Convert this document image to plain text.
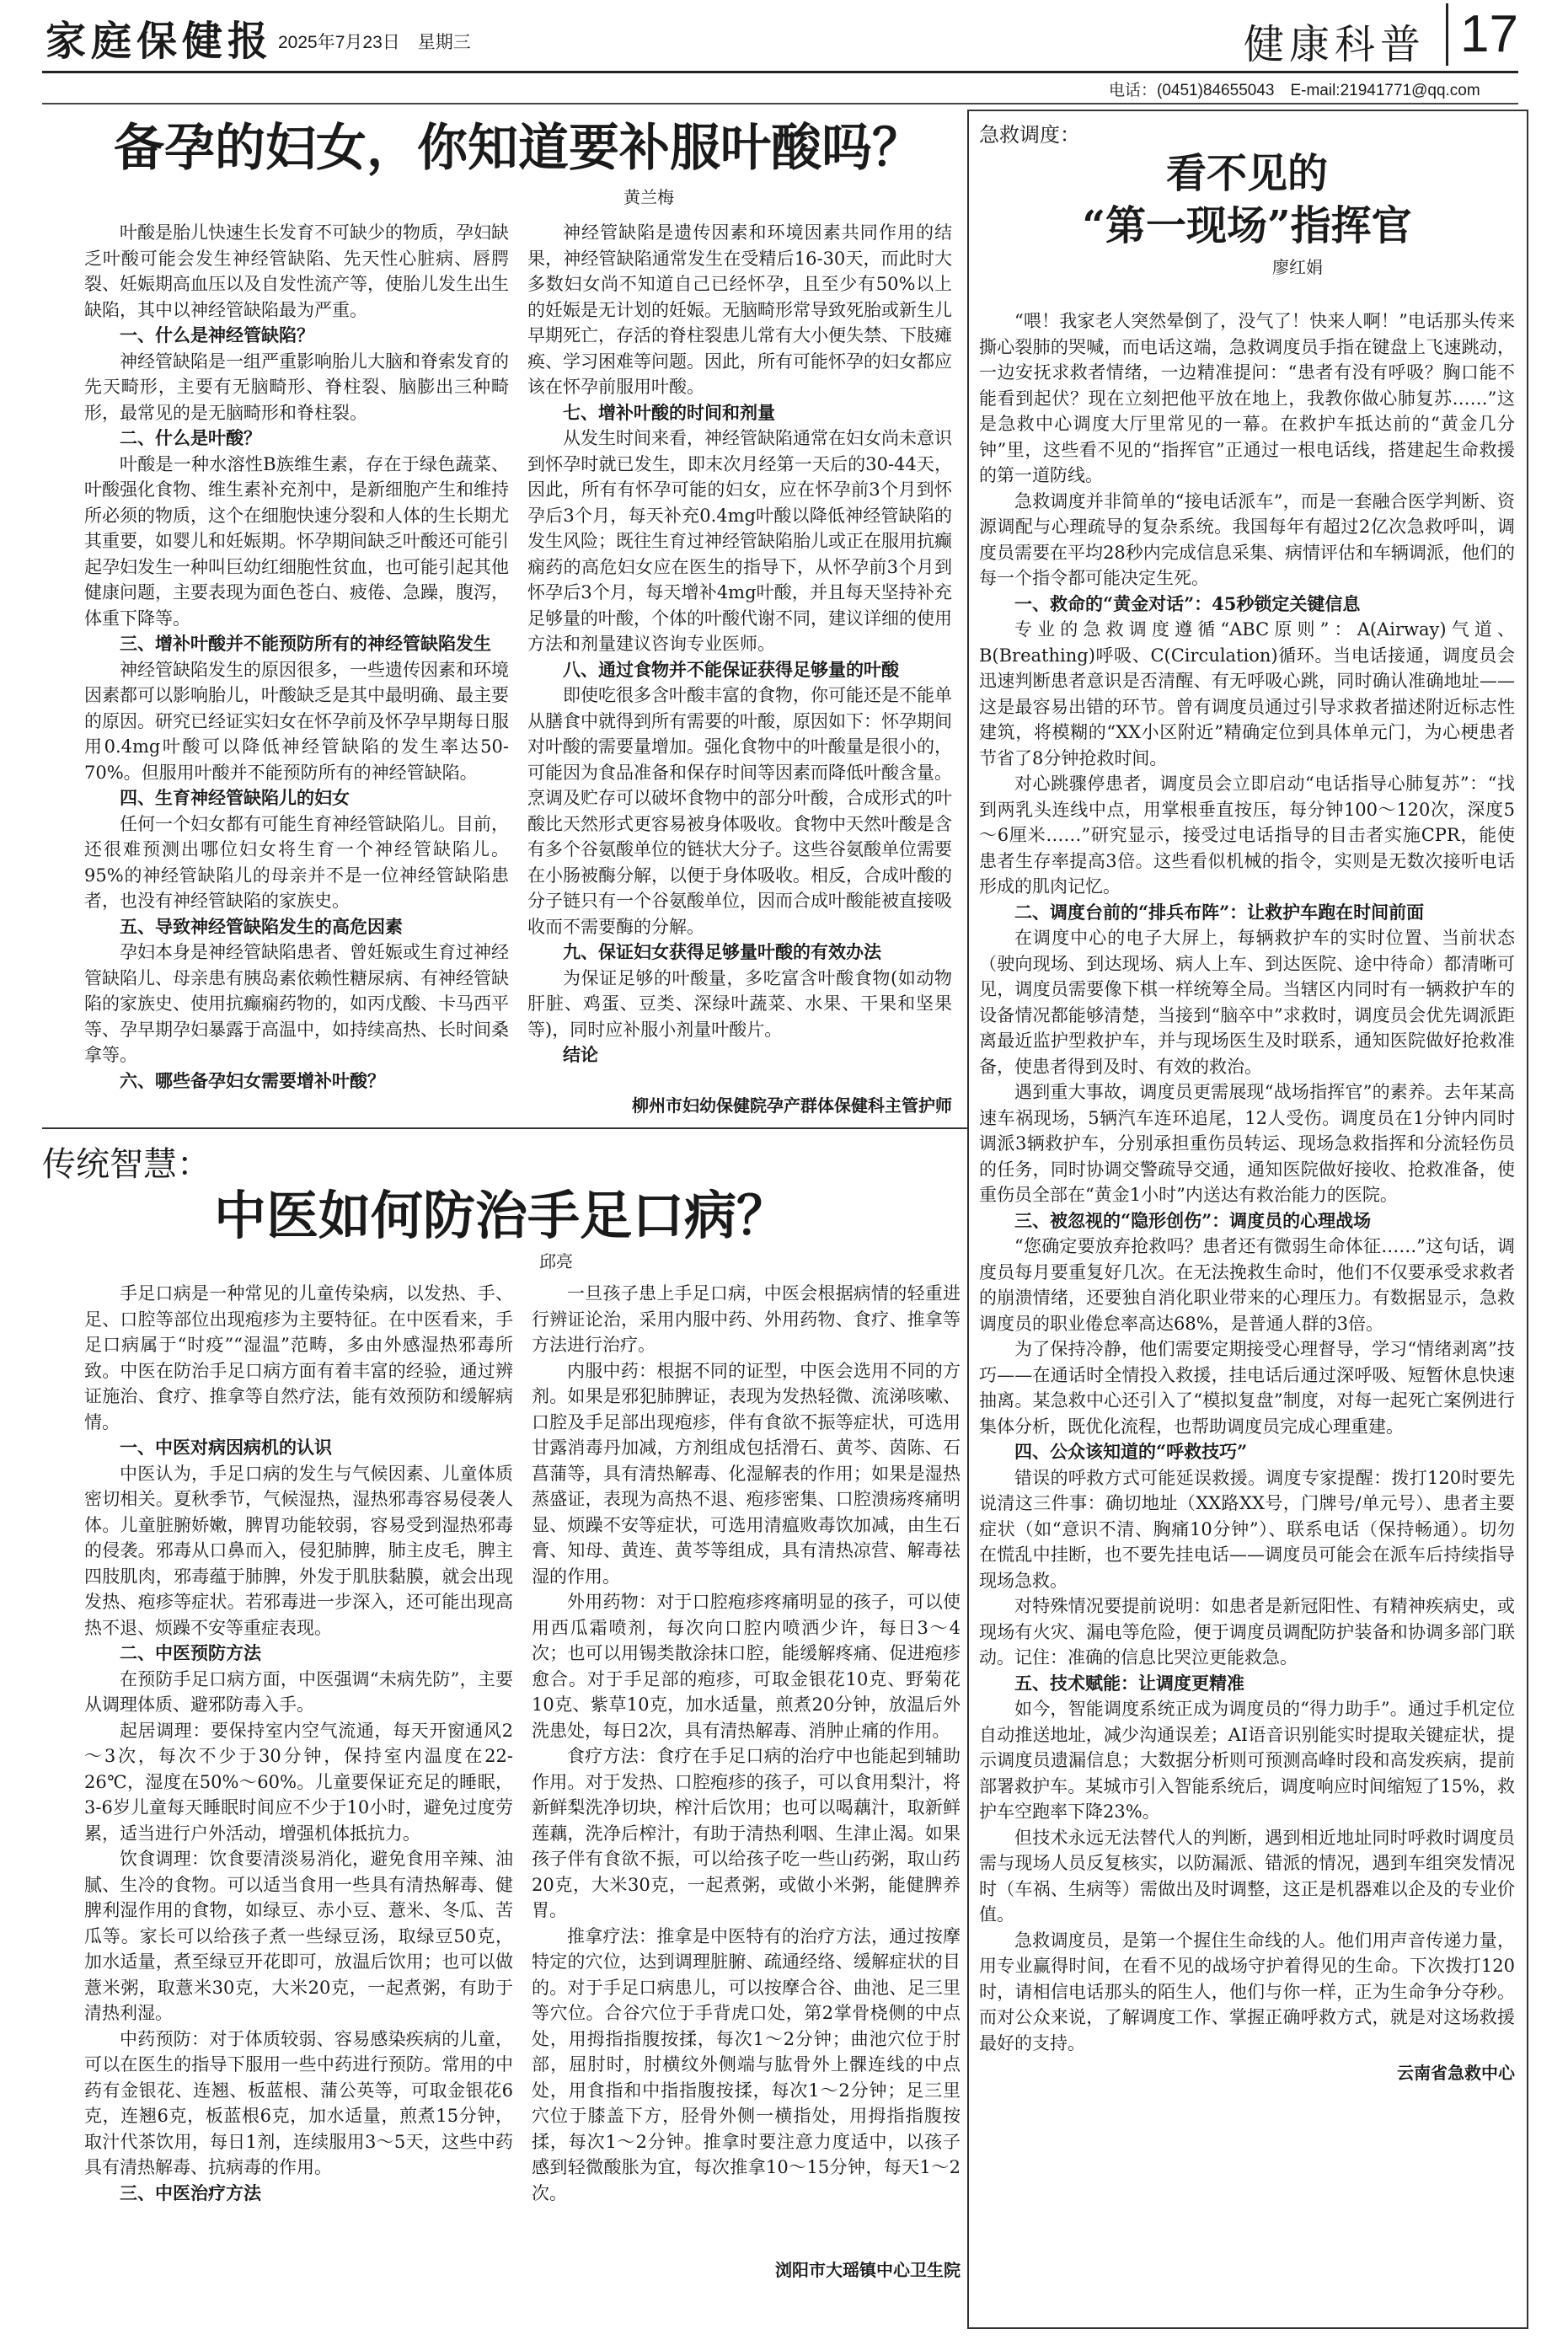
家庭保健报 2025年7月23日　星期三	健康科普 17
电话：(0451)84655043　E-mail:21941771@qq.com
备孕的妇女，你知道要补服叶酸吗？
黄兰梅

叶酸是胎儿快速生长发育不可缺少的物质，孕妇缺乏叶酸可能会发生神经管缺陷、先天性心脏病、唇腭裂、妊娠期高血压以及自发性流产等，使胎儿发生出生缺陷，其中以神经管缺陷最为严重。

一、什么是神经管缺陷？

神经管缺陷是一组严重影响胎儿大脑和脊索发育的先天畸形，主要有无脑畸形、脊柱裂、脑膨出三种畸形，最常见的是无脑畸形和脊柱裂。

二、什么是叶酸？

叶酸是一种水溶性B族维生素，存在于绿色蔬菜、叶酸强化食物、维生素补充剂中，是新细胞产生和维持所必须的物质，这个在细胞快速分裂和人体的生长期尤其重要，如婴儿和妊娠期。怀孕期间缺乏叶酸还可能引起孕妇发生一种叫巨幼红细胞性贫血，也可能引起其他健康问题，主要表现为面色苍白、疲倦、急躁，腹泻，体重下降等。

三、增补叶酸并不能预防所有的神经管缺陷发生

神经管缺陷发生的原因很多，一些遗传因素和环境因素都可以影响胎儿，叶酸缺乏是其中最明确、最主要的原因。研究已经证实妇女在怀孕前及怀孕早期每日服用0.4mg叶酸可以降低神经管缺陷的发生率达50-70%。但服用叶酸并不能预防所有的神经管缺陷。

四、生育神经管缺陷儿的妇女

任何一个妇女都有可能生育神经管缺陷儿。目前，还很难预测出哪位妇女将生育一个神经管缺陷儿。95%的神经管缺陷儿的母亲并不是一位神经管缺陷患者，也没有神经管缺陷的家族史。

五、导致神经管缺陷发生的高危因素

孕妇本身是神经管缺陷患者、曾妊娠或生育过神经管缺陷儿、母亲患有胰岛素依赖性糖尿病、有神经管缺陷的家族史、使用抗癫痫药物的，如丙戊酸、卡马西平等、孕早期孕妇暴露于高温中，如持续高热、长时间桑拿等。

六、哪些备孕妇女需要增补叶酸？

神经管缺陷是遗传因素和环境因素共同作用的结果，神经管缺陷通常发生在受精后16-30天，而此时大多数妇女尚不知道自己已经怀孕，且至少有50%以上的妊娠是无计划的妊娠。无脑畸形常导致死胎或新生儿早期死亡，存活的脊柱裂患儿常有大小便失禁、下肢瘫痪、学习困难等问题。因此，所有可能怀孕的妇女都应该在怀孕前服用叶酸。

七、增补叶酸的时间和剂量

从发生时间来看，神经管缺陷通常在妇女尚未意识到怀孕时就已发生，即末次月经第一天后的30-44天，因此，所有有怀孕可能的妇女，应在怀孕前3个月到怀孕后3个月，每天补充0.4mg叶酸以降低神经管缺陷的发生风险；既往生育过神经管缺陷胎儿或正在服用抗癫痫药的高危妇女应在医生的指导下，从怀孕前3个月到怀孕后3个月，每天增补4mg叶酸，并且每天坚持补充足够量的叶酸，个体的叶酸代谢不同，建议详细的使用方法和剂量建议咨询专业医师。

八、通过食物并不能保证获得足够量的叶酸

即使吃很多含叶酸丰富的食物，你可能还是不能单从膳食中就得到所有需要的叶酸，原因如下：怀孕期间对叶酸的需要量增加。强化食物中的叶酸量是很小的，可能因为食品准备和保存时间等因素而降低叶酸含量。烹调及贮存可以破坏食物中的部分叶酸，合成形式的叶酸比天然形式更容易被身体吸收。食物中天然叶酸是含有多个谷氨酸单位的链状大分子。这些谷氨酸单位需要在小肠被酶分解，以便于身体吸收。相反，合成叶酸的分子链只有一个谷氨酸单位，因而合成叶酸能被直接吸收而不需要酶的分解。

九、保证妇女获得足够量叶酸的有效办法

为保证足够的叶酸量，多吃富含叶酸食物(如动物肝脏、鸡蛋、豆类、深绿叶蔬菜、水果、干果和坚果等)，同时应补服小剂量叶酸片。

结论

柳州市妇幼保健院孕产群体保健科主管护师
传统智慧：
中医如何防治手足口病？
邱亮

手足口病是一种常见的儿童传染病，以发热、手、足、口腔等部位出现疱疹为主要特征。在中医看来，手足口病属于“时疫”“湿温”范畴，多由外感湿热邪毒所致。中医在防治手足口病方面有着丰富的经验，通过辨证施治、食疗、推拿等自然疗法，能有效预防和缓解病情。

一、中医对病因病机的认识

中医认为，手足口病的发生与气候因素、儿童体质密切相关。夏秋季节，气候湿热，湿热邪毒容易侵袭人体。儿童脏腑娇嫩，脾胃功能较弱，容易受到湿热邪毒的侵袭。邪毒从口鼻而入，侵犯肺脾，肺主皮毛，脾主四肢肌肉，邪毒蕴于肺脾，外发于肌肤黏膜，就会出现发热、疱疹等症状。若邪毒进一步深入，还可能出现高热不退、烦躁不安等重症表现。

二、中医预防方法

在预防手足口病方面，中医强调“未病先防”，主要从调理体质、避邪防毒入手。

起居调理：要保持室内空气流通，每天开窗通风2～3次，每次不少于30分钟，保持室内温度在22-26℃，湿度在50%～60%。儿童要保证充足的睡眠，3-6岁儿童每天睡眠时间应不少于10小时，避免过度劳累，适当进行户外活动，增强机体抵抗力。

饮食调理：饮食要清淡易消化，避免食用辛辣、油腻、生冷的食物。可以适当食用一些具有清热解毒、健脾利湿作用的食物，如绿豆、赤小豆、薏米、冬瓜、苦瓜等。家长可以给孩子煮一些绿豆汤，取绿豆50克，加水适量，煮至绿豆开花即可，放温后饮用；也可以做薏米粥，取薏米30克，大米20克，一起煮粥，有助于清热利湿。

中药预防：对于体质较弱、容易感染疾病的儿童，可以在医生的指导下服用一些中药进行预防。常用的中药有金银花、连翘、板蓝根、蒲公英等，可取金银花6克，连翘6克，板蓝根6克，加水适量，煎煮15分钟，取汁代茶饮用，每日1剂，连续服用3～5天，这些中药具有清热解毒、抗病毒的作用。

三、中医治疗方法

一旦孩子患上手足口病，中医会根据病情的轻重进行辨证论治，采用内服中药、外用药物、食疗、推拿等方法进行治疗。

内服中药：根据不同的证型，中医会选用不同的方剂。如果是邪犯肺脾证，表现为发热轻微、流涕咳嗽、口腔及手足部出现疱疹，伴有食欲不振等症状，可选用甘露消毒丹加减，方剂组成包括滑石、黄芩、茵陈、石菖蒲等，具有清热解毒、化湿解表的作用；如果是湿热蒸盛证，表现为高热不退、疱疹密集、口腔溃疡疼痛明显、烦躁不安等症状，可选用清瘟败毒饮加减，由生石膏、知母、黄连、黄芩等组成，具有清热凉营、解毒祛湿的作用。

外用药物：对于口腔疱疹疼痛明显的孩子，可以使用西瓜霜喷剂，每次向口腔内喷洒少许，每日3～4次；也可以用锡类散涂抹口腔，能缓解疼痛、促进疱疹愈合。对于手足部的疱疹，可取金银花10克、野菊花10克、紫草10克，加水适量，煎煮20分钟，放温后外洗患处，每日2次，具有清热解毒、消肿止痛的作用。

食疗方法：食疗在手足口病的治疗中也能起到辅助作用。对于发热、口腔疱疹的孩子，可以食用梨汁，将新鲜梨洗净切块，榨汁后饮用；也可以喝藕汁，取新鲜莲藕，洗净后榨汁，有助于清热利咽、生津止渴。如果孩子伴有食欲不振，可以给孩子吃一些山药粥，取山药20克，大米30克，一起煮粥，或做小米粥，能健脾养胃。

推拿疗法：推拿是中医特有的治疗方法，通过按摩特定的穴位，达到调理脏腑、疏通经络、缓解症状的目的。对于手足口病患儿，可以按摩合谷、曲池、足三里等穴位。合谷穴位于手背虎口处，第2掌骨桡侧的中点处，用拇指指腹按揉，每次1～2分钟；曲池穴位于肘部，屈肘时，肘横纹外侧端与肱骨外上髁连线的中点处，用食指和中指指腹按揉，每次1～2分钟；足三里穴位于膝盖下方，胫骨外侧一横指处，用拇指指腹按揉，每次1～2分钟。推拿时要注意力度适中，以孩子感到轻微酸胀为宜，每次推拿10～15分钟，每天1～2次。

浏阳市大瑶镇中心卫生院
急救调度：
看不见的
“第一现场”指挥官
廖红娟

“喂！我家老人突然晕倒了，没气了！快来人啊！”电话那头传来撕心裂肺的哭喊，而电话这端，急救调度员手指在键盘上飞速跳动，一边安抚求救者情绪，一边精准提问：“患者有没有呼吸？胸口能不能看到起伏？现在立刻把他平放在地上，我教你做心肺复苏……”这是急救中心调度大厅里常见的一幕。在救护车抵达前的“黄金几分钟”里，这些看不见的“指挥官”正通过一根电话线，搭建起生命救援的第一道防线。

急救调度并非简单的“接电话派车”，而是一套融合医学判断、资源调配与心理疏导的复杂系统。我国每年有超过2亿次急救呼叫，调度员需要在平均28秒内完成信息采集、病情评估和车辆调派，他们的每一个指令都可能决定生死。

一、救命的“黄金对话”：45秒锁定关键信息

专业的急救调度遵循“ABC原则”：A(Airway)气道、B(Breathing)呼吸、C(Circulation)循环。当电话接通，调度员会迅速判断患者意识是否清醒、有无呼吸心跳，同时确认准确地址——这是最容易出错的环节。曾有调度员通过引导求救者描述附近标志性建筑，将模糊的“XX小区附近”精确定位到具体单元门，为心梗患者节省了8分钟抢救时间。

对心跳骤停患者，调度员会立即启动“电话指导心肺复苏”：“找到两乳头连线中点，用掌根垂直按压，每分钟100～120次，深度5～6厘米……”研究显示，接受过电话指导的目击者实施CPR，能使患者生存率提高3倍。这些看似机械的指令，实则是无数次接听电话形成的肌肉记忆。

二、调度台前的“排兵布阵”：让救护车跑在时间前面

在调度中心的电子大屏上，每辆救护车的实时位置、当前状态（驶向现场、到达现场、病人上车、到达医院、途中待命）都清晰可见，调度员需要像下棋一样统筹全局。当辖区内同时有一辆救护车的设备情况都能够清楚，当接到“脑卒中”求救时，调度员会优先调派距离最近监护型救护车，并与现场医生及时联系，通知医院做好抢救准备，使患者得到及时、有效的救治。

遇到重大事故，调度员更需展现“战场指挥官”的素养。去年某高速车祸现场，5辆汽车连环追尾，12人受伤。调度员在1分钟内同时调派3辆救护车，分别承担重伤员转运、现场急救指挥和分流轻伤员的任务，同时协调交警疏导交通，通知医院做好接收、抢救准备，使重伤员全部在“黄金1小时”内送达有救治能力的医院。

三、被忽视的“隐形创伤”：调度员的心理战场

“您确定要放弃抢救吗？患者还有微弱生命体征……”这句话，调度员每月要重复好几次。在无法挽救生命时，他们不仅要承受求救者的崩溃情绪，还要独自消化职业带来的心理压力。有数据显示，急救调度员的职业倦怠率高达68%，是普通人群的3倍。

为了保持冷静，他们需要定期接受心理督导，学习“情绪剥离”技巧——在通话时全情投入救援，挂电话后通过深呼吸、短暂休息快速抽离。某急救中心还引入了“模拟复盘”制度，对每一起死亡案例进行集体分析，既优化流程，也帮助调度员完成心理重建。

四、公众该知道的“呼救技巧”

错误的呼救方式可能延误救援。调度专家提醒：拨打120时要先说清这三件事：确切地址（XX路XX号，门牌号/单元号）、患者主要症状（如“意识不清、胸痛10分钟”）、联系电话（保持畅通）。切勿在慌乱中挂断，也不要先挂电话——调度员可能会在派车后持续指导现场急救。

对特殊情况要提前说明：如患者是新冠阳性、有精神疾病史，或现场有火灾、漏电等危险，便于调度员调配防护装备和协调多部门联动。记住：准确的信息比哭泣更能救急。

五、技术赋能：让调度更精准

如今，智能调度系统正成为调度员的“得力助手”。通过手机定位自动推送地址，减少沟通误差；AI语音识别能实时提取关键症状，提示调度员遗漏信息；大数据分析则可预测高峰时段和高发疾病，提前部署救护车。某城市引入智能系统后，调度响应时间缩短了15%，救护车空跑率下降23%。

但技术永远无法替代人的判断，遇到相近地址同时呼救时调度员需与现场人员反复核实，以防漏派、错派的情况，遇到车组突发情况时（车祸、生病等）需做出及时调整，这正是机器难以企及的专业价值。

急救调度员，是第一个握住生命线的人。他们用声音传递力量，用专业赢得时间，在看不见的战场守护着得见的生命。下次拨打120时，请相信电话那头的陌生人，他们与你一样，正为生命争分夺秒。而对公众来说，了解调度工作、掌握正确呼救方式，就是对这场救援最好的支持。

云南省急救中心
